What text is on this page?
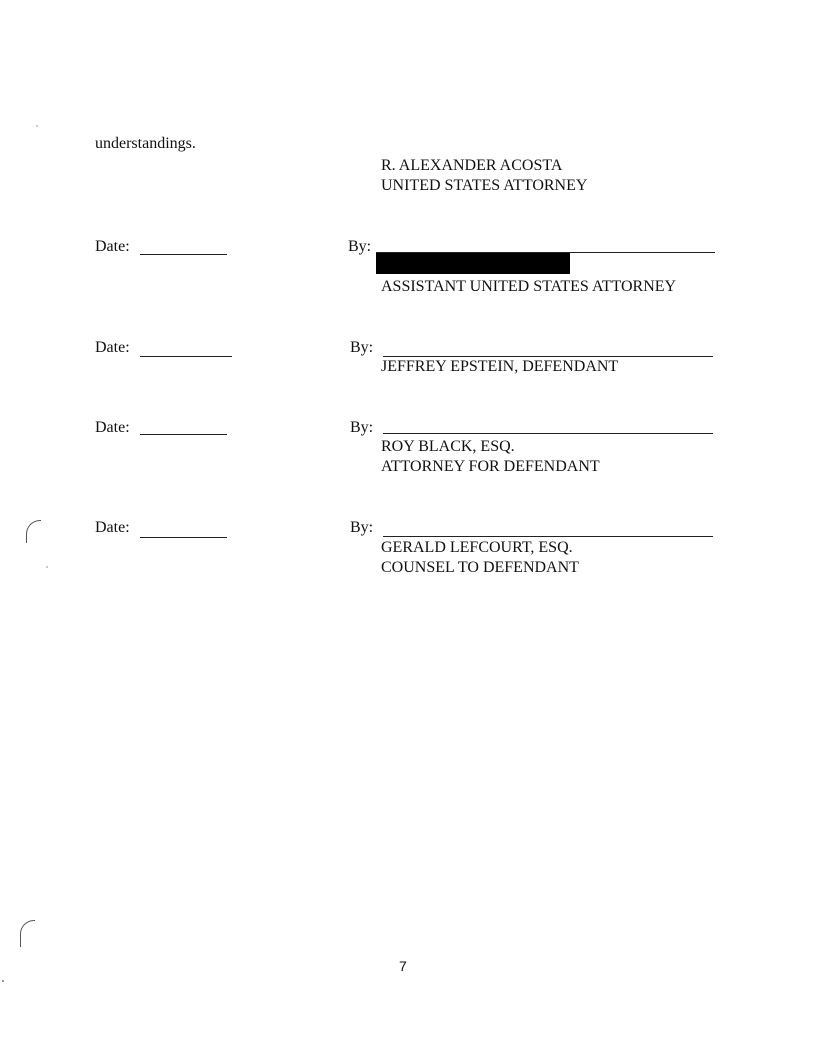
understandings.
R. ALEXANDER ACOSTA
UNITED STATES ATTORNEY
Date:	By:
ASSISTANT UNITED STATES ATTORNEY
Date:	By:
JEFFREY EPSTEIN, DEFENDANT
Date:	By:
ROY BLACK, ESQ.
ATTORNEY FOR DEFENDANT
Date:	By:
GERALD LEFCOURT, ESQ.
COUNSEL TO DEFENDANT
7
